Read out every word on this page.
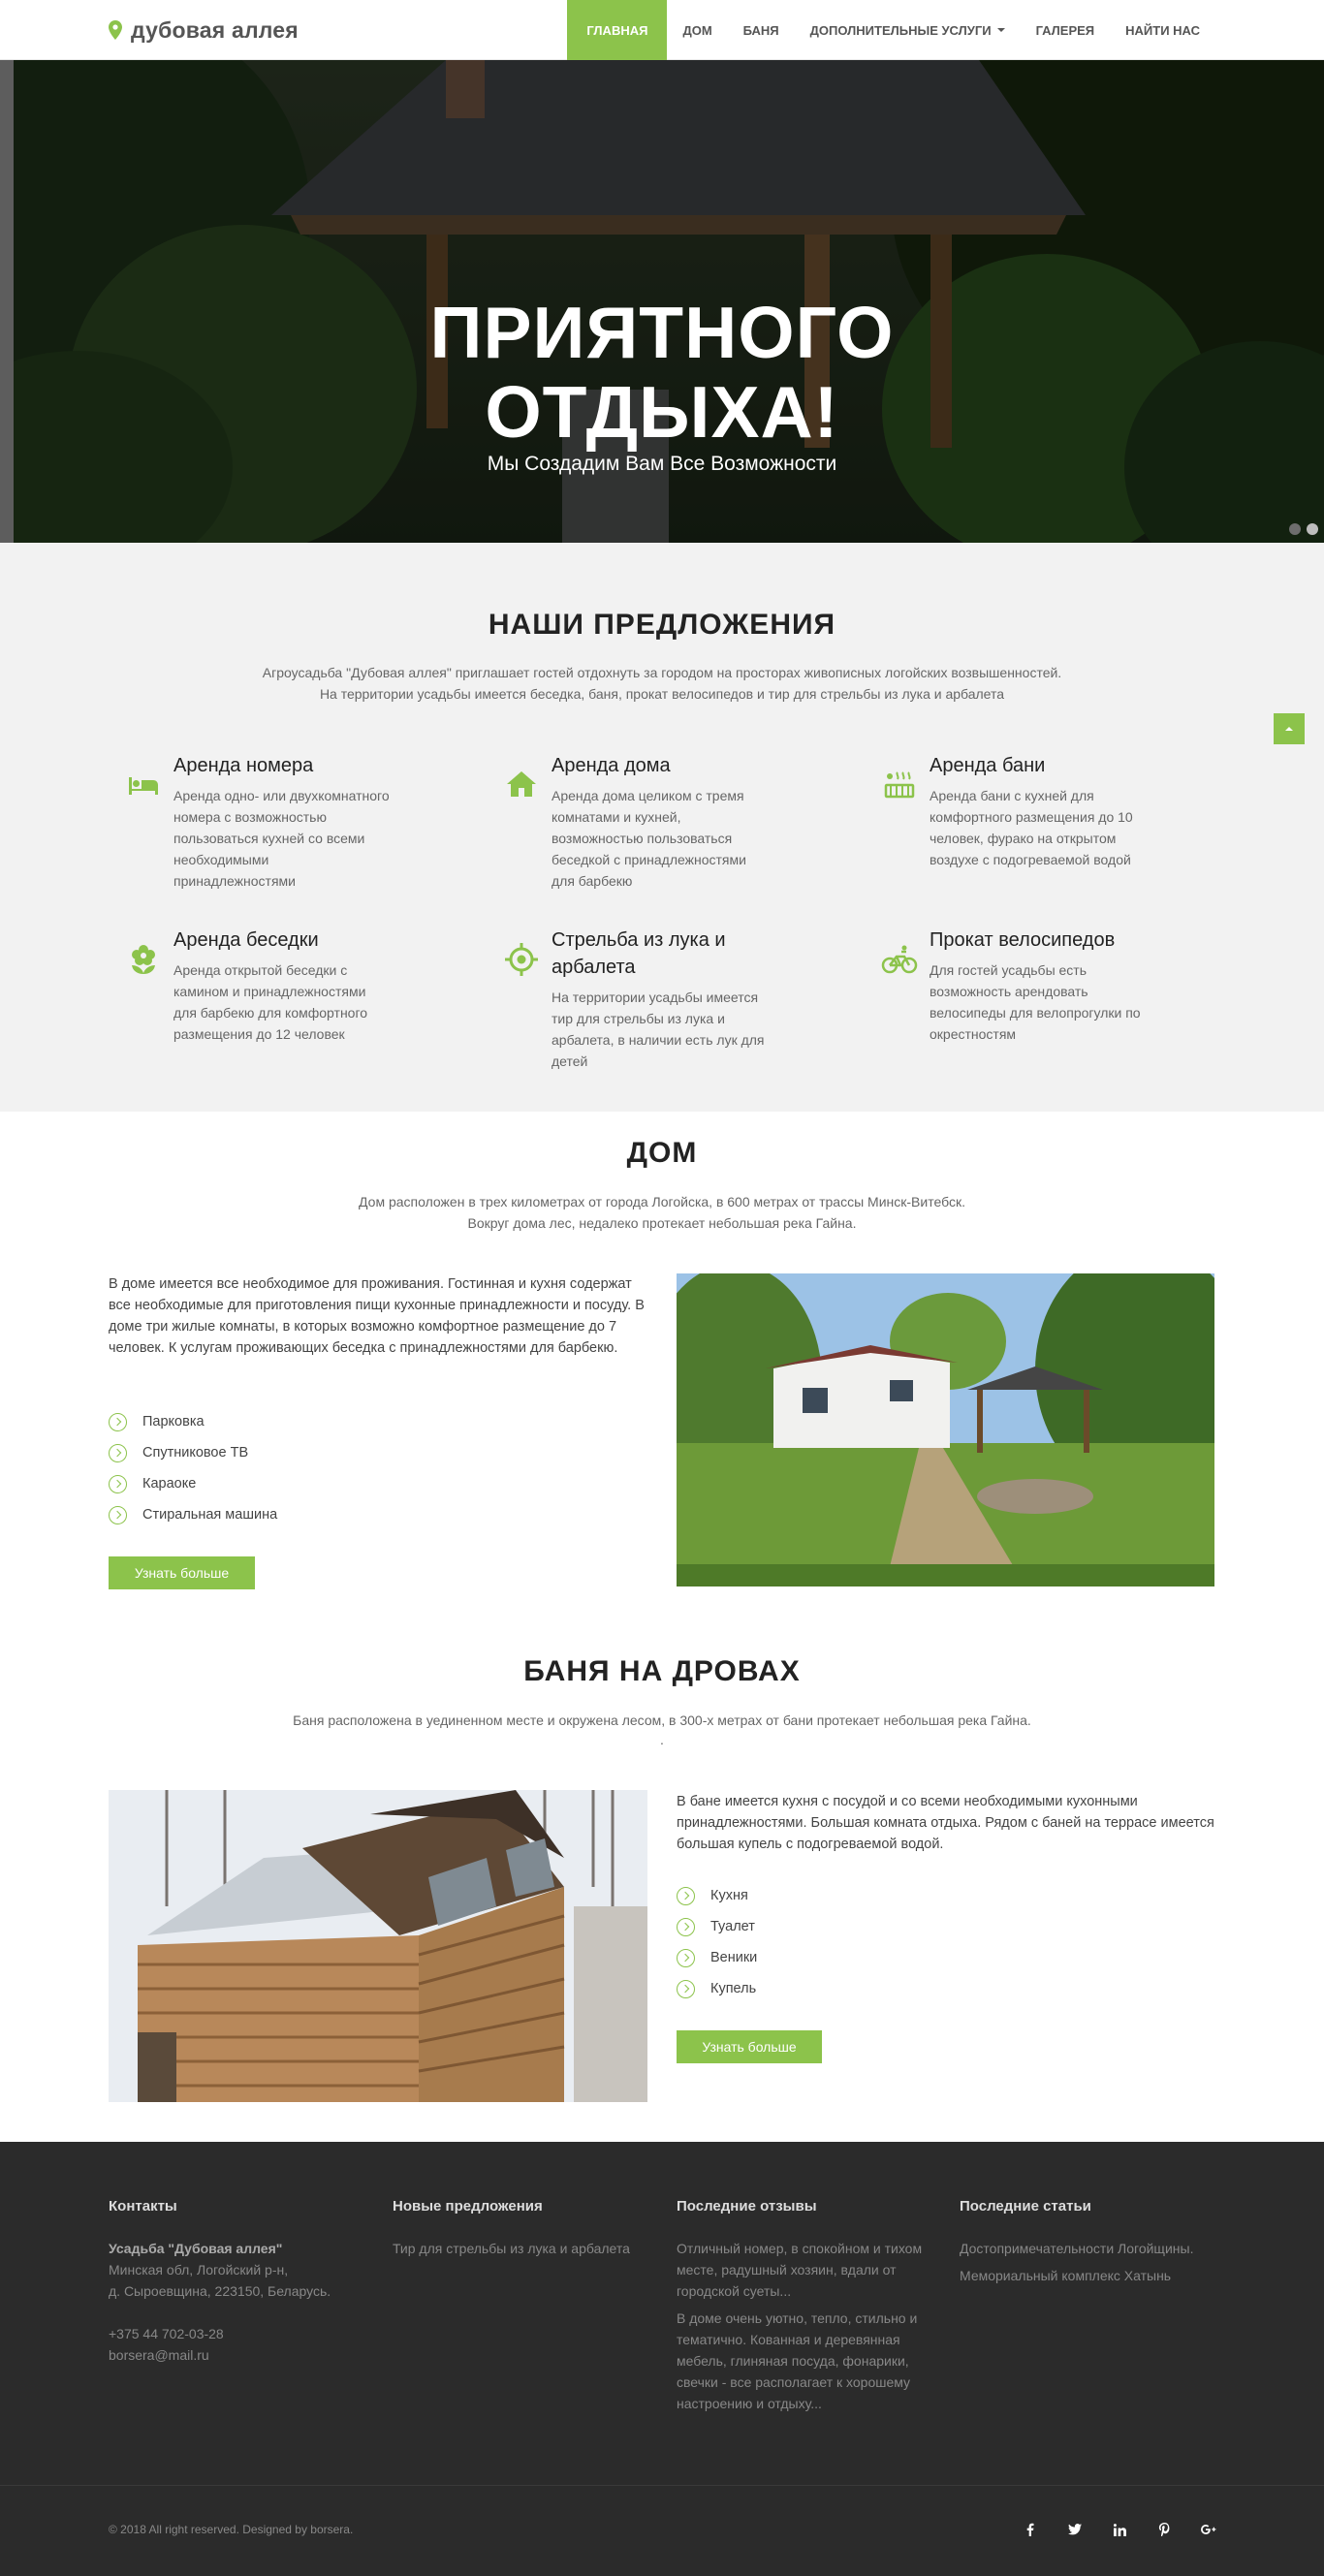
дубовая аллея	ГЛАВНАЯ	ДОМ	БАНЯ	ДОПОЛНИТЕЛЬНЫЕ УСЛУГИ	ГАЛЕРЕЯ	НАЙТИ НАС
ПРИЯТНОГО
ОТДЫХА!

Мы Создадим Вам Все Возможности

НАШИ ПРЕДЛОЖЕНИЯ

Агроусадьба "Дубовая аллея" приглашает гостей отдохнуть за городом на просторах живописных логойских возвышенностей.

На территории усадьбы имеется беседка, баня, прокат велосипедов и тир для стрельбы из лука и арбалета

Аренда номера
Аренда одно- или двухкомнатного номера с возможностью пользоваться кухней со всеми необходимыми принадлежностями
Аренда дома
Аренда дома целиком с тремя комнатами и кухней, возможностью пользоваться беседкой с принадлежностями для барбекю
Аренда бани
Аренда бани с кухней для комфортного размещения до 10 человек, фурако на открытом воздухе с подогреваемой водой
Аренда беседки
Аренда открытой беседки с камином и принадлежностями для барбекю для комфортного размещения до 12 человек
Стрельба из лука и арбалета
На территории усадьбы имеется тир для стрельбы из лука и арбалета, в наличии есть лук для детей
Прокат велосипедов
Для гостей усадьбы есть возможность арендовать велосипеды для велопрогулки по окрестностям
ДОМ

Дом расположен в трех километрах от города Логойска, в 600 метрах от трассы Минск-Витебск.

Вокруг дома лес, недалеко протекает небольшая река Гайна.

В доме имеется все необходимое для проживания. Гостинная и кухня содержат все необходимые для приготовления пищи кухонные принадлежности и посуду. В доме три жилые комнаты, в которых возможно комфортное размещение до 7 человек. К услугам проживающих беседка с принадлежностями для барбекю.

Парковка
Спутниковое ТВ
Караоке
Стиральная машина
Узнать больше
БАНЯ НА ДРОВАХ

Баня расположена в уединенном месте и окружена лесом, в 300-х метрах от бани протекает небольшая река Гайна.

.

В бане имеется кухня с посудой и со всеми необходимыми кухонными принадлежностями. Большая комната отдыха. Рядом с баней на террасе имеется большая купель с подогреваемой водой.

Кухня
Туалет
Веники
Купель
Узнать больше
Контакты
Усадьба "Дубовая аллея"
Минская обл, Логойский р-н,
д. Сыроевщина, 223150, Беларусь.
+375 44 702-03-28
borsera@mail.ru
Новые предложения
Тир для стрельбы из лука и арбалета
Последние отзывы
Отличный номер, в спокойном и тихом месте, радушный хозяин, вдали от городской суеты...
В доме очень уютно, тепло, стильно и тематично. Кованная и деревянная мебель, глиняная посуда, фонарики, свечки - все располагает к хорошему настроению и отдыху...
Последние статьи
Достопримечательности Логойщины.
Мемориальный комплекс Хатынь
© 2018 All right reserved. Designed by borsera.
